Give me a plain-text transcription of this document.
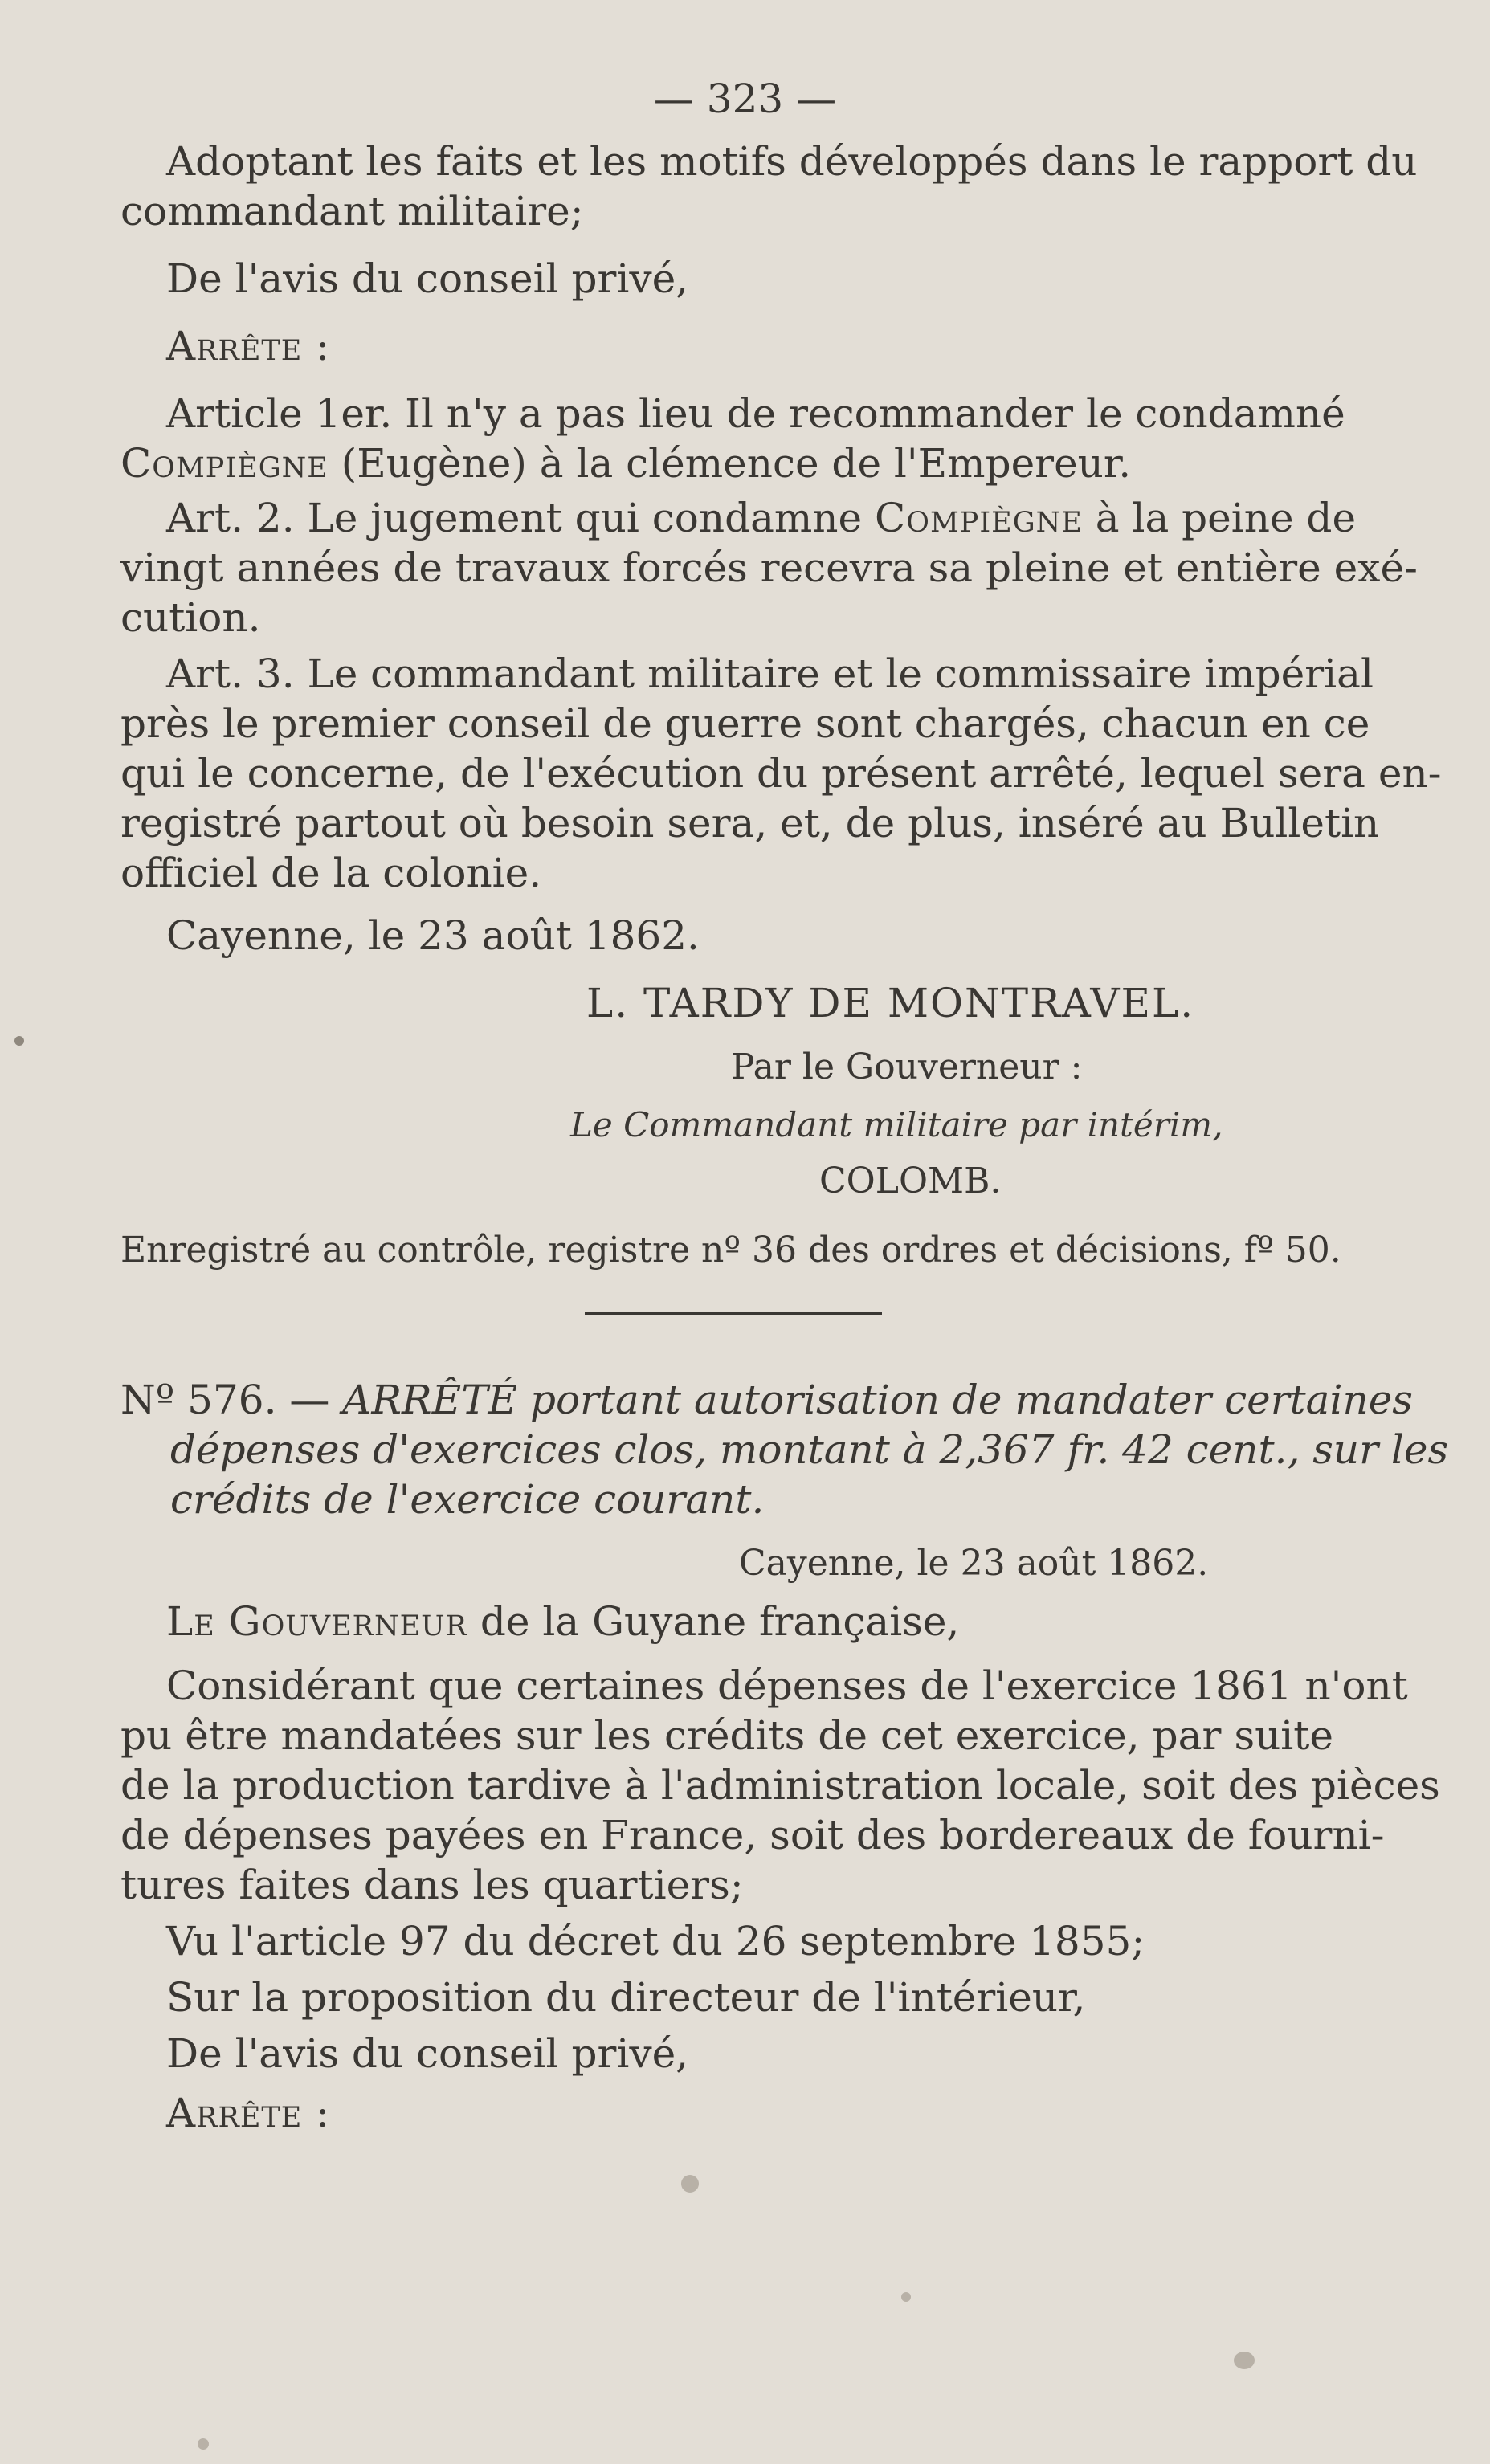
— 323 —
Adoptant les faits et les motifs développés dans le rapport du
commandant militaire;
De l'avis du conseil privé,
Arrête :
Article 1er. Il n'y a pas lieu de recommander le condamné
Compiègne (Eugène) à la clémence de l'Empereur.
Art. 2. Le jugement qui condamne Compiègne à la peine de
vingt années de travaux forcés recevra sa pleine et entière exé-
cution.
Art. 3. Le commandant militaire et le commissaire impérial
près le premier conseil de guerre sont chargés, chacun en ce
qui le concerne, de l'exécution du présent arrêté, lequel sera en-
registré partout où besoin sera, et, de plus, inséré au Bulletin
officiel de la colonie.
Cayenne, le 23 août 1862.
L. TARDY DE MONTRAVEL.
Par le Gouverneur :
Le Commandant militaire par intérim,
COLOMB.
Enregistré au contrôle, registre nº 36 des ordres et décisions, fº 50.
Nº 576. — ARRÊTÉ portant autorisation de mandater certaines
dépenses d'exercices clos, montant à 2,367 fr. 42 cent., sur les
crédits de l'exercice courant.
Cayenne, le 23 août 1862.
Le Gouverneur de la Guyane française,
Considérant que certaines dépenses de l'exercice 1861 n'ont
pu être mandatées sur les crédits de cet exercice, par suite
de la production tardive à l'administration locale, soit des pièces
de dépenses payées en France, soit des bordereaux de fourni-
tures faites dans les quartiers;
Vu l'article 97 du décret du 26 septembre 1855;
Sur la proposition du directeur de l'intérieur,
De l'avis du conseil privé,
Arrête :
